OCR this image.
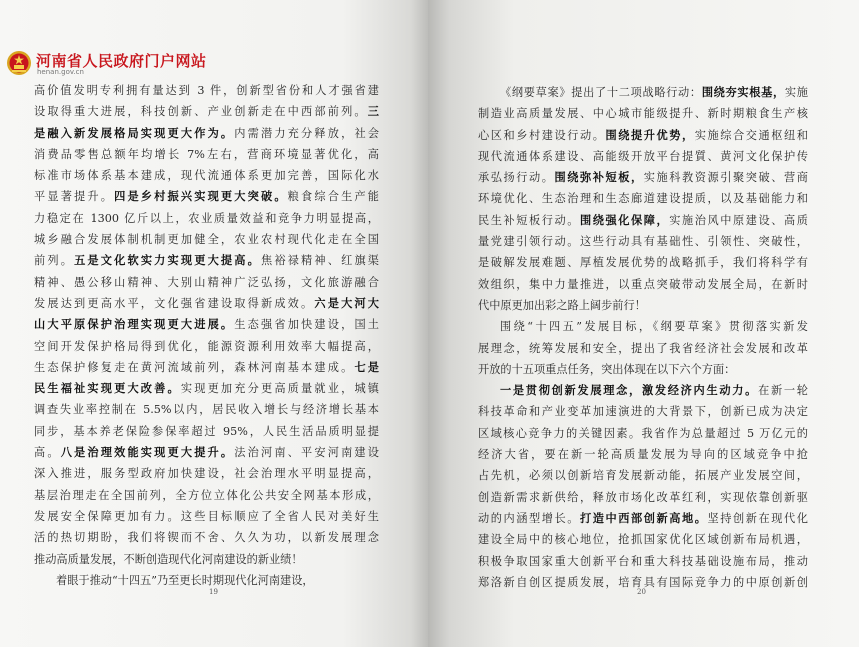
河南省人民政府门户网站
henan.gov.cn
高价值发明专利拥有量达到 3 件，创新型省份和人才强省建
设取得重大进展，科技创新、产业创新走在中西部前列。三
是融入新发展格局实现更大作为。内需潜力充分释放，社会
消费品零售总额年均增长 7%左右，营商环境显著优化，高
标准市场体系基本建成，现代流通体系更加完善，国际化水
平显著提升。四是乡村振兴实现更大突破。粮食综合生产能
力稳定在 1300 亿斤以上，农业质量效益和竞争力明显提高，
城乡融合发展体制机制更加健全，农业农村现代化走在全国
前列。五是文化软实力实现更大提高。焦裕禄精神、红旗渠
精神、愚公移山精神、大别山精神广泛弘扬，文化旅游融合
发展达到更高水平，文化强省建设取得新成效。六是大河大
山大平原保护治理实现更大进展。生态强省加快建设，国土
空间开发保护格局得到优化，能源资源利用效率大幅提高，
生态保护修复走在黄河流域前列，森林河南基本建成。七是
民生福祉实现更大改善。实现更加充分更高质量就业，城镇
调查失业率控制在 5.5%以内，居民收入增长与经济增长基本
同步，基本养老保险参保率超过 95%，人民生活品质明显提
高。八是治理效能实现更大提升。法治河南、平安河南建设
深入推进，服务型政府加快建设，社会治理水平明显提高，
基层治理走在全国前列，全方位立体化公共安全网基本形成，
发展安全保障更加有力。这些目标顺应了全省人民对美好生
活的热切期盼，我们将锲而不舍、久久为功，以新发展理念
推动高质量发展，不断创造现代化河南建设的新业绩！
着眼于推动“十四五”乃至更长时期现代化河南建设，
19
《纲要草案》提出了十二项战略行动：围绕夯实根基，实施
制造业高质量发展、中心城市能级提升、新时期粮食生产核
心区和乡村建设行动。围绕提升优势，实施综合交通枢纽和
现代流通体系建设、高能级开放平台提質、黄河文化保护传
承弘扬行动。围绕弥补短板，实施科教资源引聚突破、营商
环境优化、生态治理和生态廊道建设提质，以及基础能力和
民生补短板行动。围绕强化保障，实施治风中原建设、高质
量党建引领行动。这些行动具有基础性、引领性、突破性，
是破解发展难题、厚植发展优势的战略抓手，我们将科学有
效组织，集中力量推进，以重点突破带动发展全局，在新时
代中原更加出彩之路上阔步前行！
围绕“十四五”发展目标，《纲要草案》贯彻落实新发
展理念，统筹发展和安全，提出了我省经济社会发展和改革
开放的十五项重点任务，突出体现在以下六个方面：
一是贯彻创新发展理念，激发经济内生动力。在新一轮
科技革命和产业变革加速演进的大背景下，创新已成为决定
区域核心竞争力的关键因素。我省作为总量超过 5 万亿元的
经济大省，要在新一轮高质量发展为导向的区域竞争中抢
占先机，必须以创新培育发展新动能，拓展产业发展空间，
创造新需求新供给，释放市场化改革红利，实现依靠创新驱
动的内涵型增长。打造中西部创新高地。坚持创新在现代化
建设全局中的核心地位，抢抓国家优化区域创新布局机遇，
积极争取国家重大创新平台和重大科技基础设施布局，推动
郑洛新自创区提质发展，培育具有国际竞争力的中原创新创
20
